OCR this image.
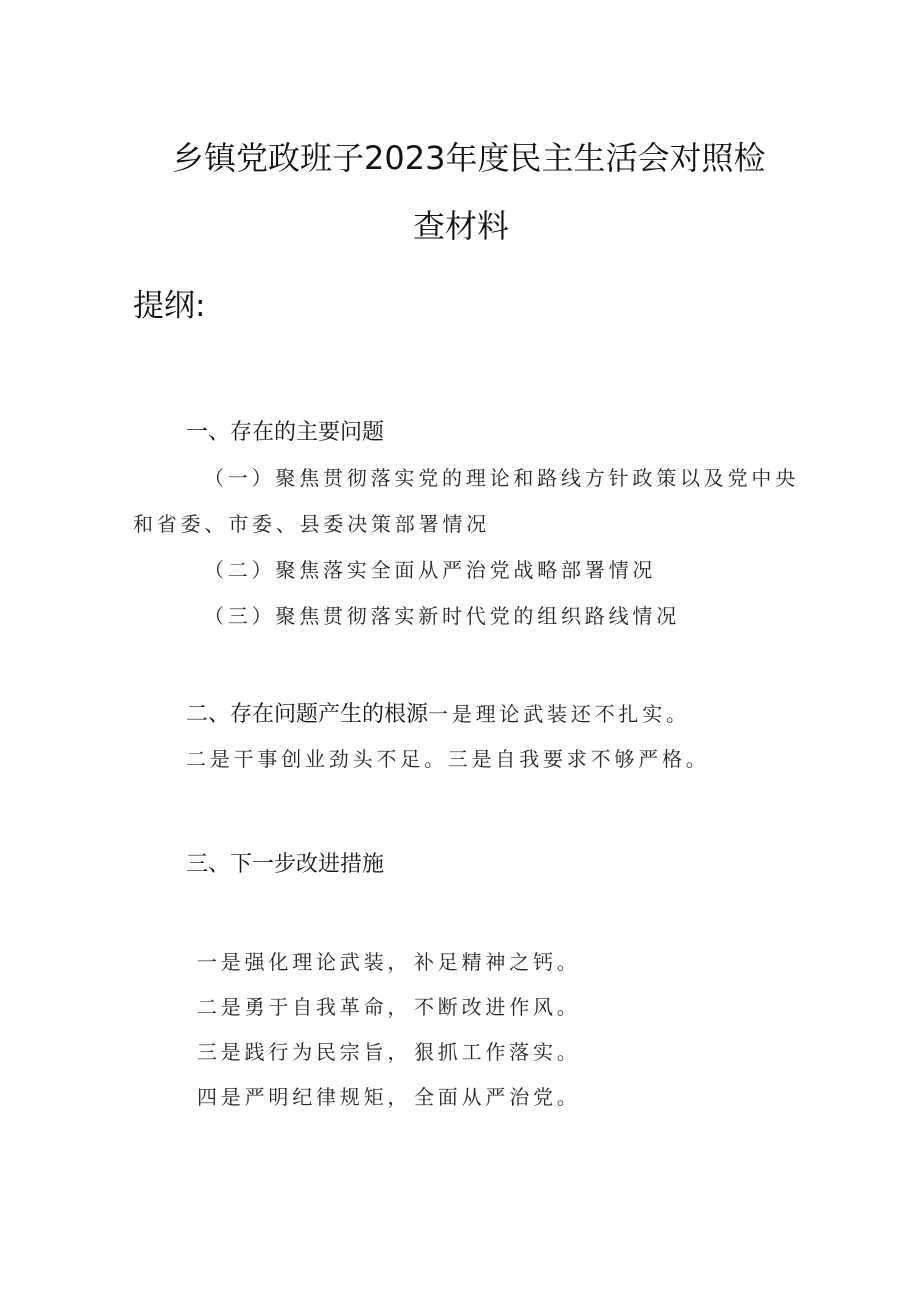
乡镇党政班子2023年度民主生活会对照检
查材料
提纲:
一、存在的主要问题
（一）聚焦贯彻落实党的理论和路线方针政策以及党中央
和省委、市委、县委决策部署情况
（二）聚焦落实全面从严治党战略部署情况
（三）聚焦贯彻落实新时代党的组织路线情况
二、存在问题产生的根源一是理论武装还不扎实。
二是干事创业劲头不足。三是自我要求不够严格。
三、下一步改进措施
一是强化理论武装， 补足精神之钙。
二是勇于自我革命， 不断改进作风。
三是践行为民宗旨， 狠抓工作落实。
四是严明纪律规矩， 全面从严治党。
